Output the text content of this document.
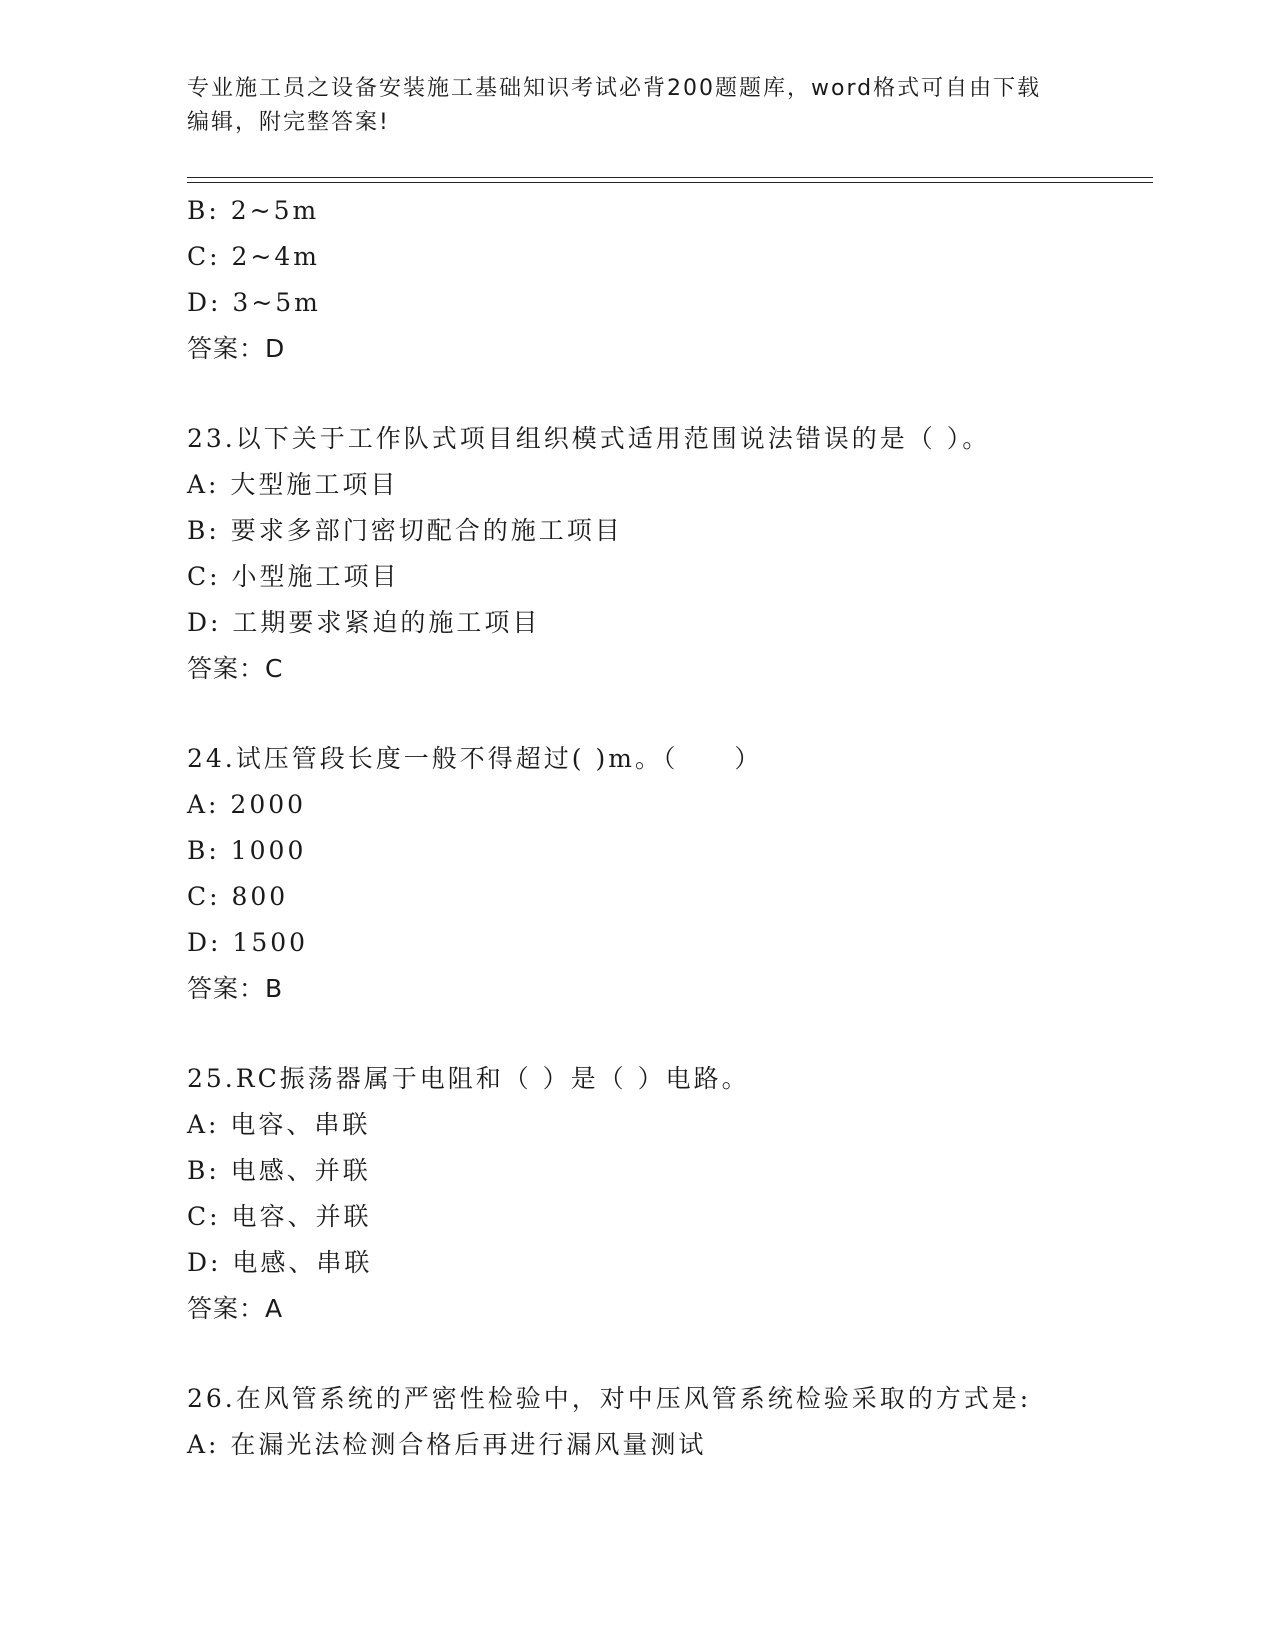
专业施工员之设备安装施工基础知识考试必背200题题库，word格式可自由下载
编辑，附完整答案!
B: 2~5m
C: 2~4m
D: 3~5m
答案：D
23.以下关于工作队式项目组织模式适用范围说法错误的是（ ）。
A: 大型施工项目
B: 要求多部门密切配合的施工项目
C: 小型施工项目
D: 工期要求紧迫的施工项目
答案：C
24.试压管段长度一般不得超过( )m。（　　）
A: 2000
B: 1000
C: 800
D: 1500
答案：B
25.RC振荡器属于电阻和（ ）是（ ）电路。
A: 电容、串联
B: 电感、并联
C: 电容、并联
D: 电感、串联
答案：A
26.在风管系统的严密性检验中，对中压风管系统检验采取的方式是:
A: 在漏光法检测合格后再进行漏风量测试
